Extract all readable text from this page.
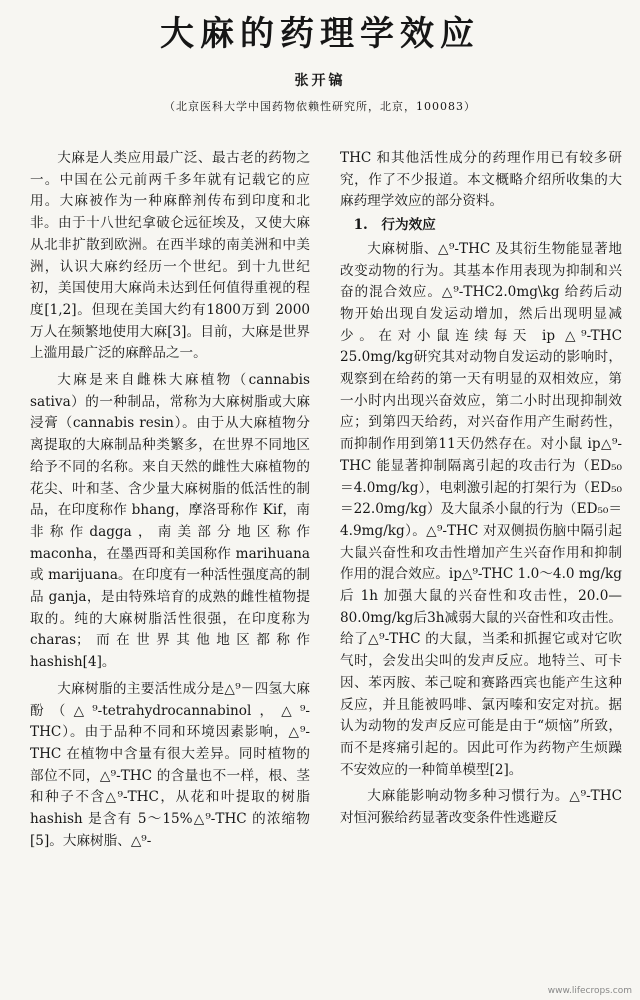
大麻的药理学效应
张开镐
（北京医科大学中国药物依赖性研究所，北京，100083）

大麻是人类应用最广泛、最古老的药物之一。中国在公元前两千多年就有记载它的应用。大麻被作为一种麻醉剂传布到印度和北非。由于十八世纪拿破仑远征埃及，又使大麻从北非扩散到欧洲。在西半球的南美洲和中美洲，认识大麻约经历一个世纪。到十九世纪初，美国使用大麻尚未达到任何值得重视的程度[1,2]。但现在美国大约有1800万到 2000 万人在频繁地使用大麻[3]。目前，大麻是世界上滥用最广泛的麻醉品之一。

大麻是来自雌株大麻植物（cannabis sativa）的一种制品，常称为大麻树脂或大麻浸膏（cannabis resin）。由于从大麻植物分离提取的大麻制品种类繁多，在世界不同地区给予不同的名称。来自天然的雌性大麻植物的花尖、叶和茎、含少量大麻树脂的低活性的制品，在印度称作 bhang，摩洛哥称作 Kif，南非称作dagga，南美部分地区称作 maconha，在墨西哥和美国称作 marihuana 或 marijuana。在印度有一种活性强度高的制品 ganja，是由特殊培育的成熟的雌性植物提取的。纯的大麻树脂活性很强，在印度称为 charas；而在世界其他地区都称作hashish[4]。

大麻树脂的主要活性成分是△⁹－四氢大麻酚（△⁹-tetrahydrocannabinol，△⁹-THC）。由于品种不同和环境因素影响，△⁹-THC 在植物中含量有很大差异。同时植物的部位不同，△⁹-THC 的含量也不一样，根、茎和种子不含△⁹-THC，从花和叶提取的树脂 hashish 是含有 5～15%△⁹-THC 的浓缩物[5]。大麻树脂、△⁹-

THC 和其他活性成分的药理作用已有较多研究，作了不少报道。本文概略介绍所收集的大麻药理学效应的部分资料。

1.　行为效应

大麻树脂、△⁹-THC 及其衍生物能显著地改变动物的行为。其基本作用表现为抑制和兴奋的混合效应。△⁹-THC2.0mg\kg 给药后动物开始出现自发运动增加，然后出现明显减少。在对小鼠连续每天 ip △⁹-THC 25.0mg/kg研究其对动物自发运动的影响时，观察到在给药的第一天有明显的双相效应，第一小时内出现兴奋效应，第二小时出现抑制效应；到第四天给药，对兴奋作用产生耐药性，而抑制作用到第11天仍然存在。对小鼠 ip△⁹-THC 能显著抑制隔离引起的攻击行为（ED₅₀＝4.0mg/kg），电刺激引起的打架行为（ED₅₀＝22.0mg/kg）及大鼠杀小鼠的行为（ED₅₀＝4.9mg/kg）。△⁹-THC 对双侧损伤脑中隔引起大鼠兴奋性和攻击性增加产生兴奋作用和抑制作用的混合效应。ip△⁹-THC 1.0～4.0 mg/kg 后 1h 加强大鼠的兴奋性和攻击性，20.0—80.0mg/kg后3h减弱大鼠的兴奋性和攻击性。给了△⁹-THC 的大鼠，当柔和抓握它或对它吹气时，会发出尖叫的发声反应。地特兰、可卡因、苯丙胺、苯己啶和赛路西宾也能产生这种反应，并且能被吗啡、氯丙嗪和安定对抗。据认为动物的发声反应可能是由于“烦恼”所致，而不是疼痛引起的。因此可作为药物产生烦躁不安效应的一种简单模型[2]。

大麻能影响动物多种习惯行为。△⁹-THC对恒河猴给药显著改变条件性逃避反

www.lifecrops.com
